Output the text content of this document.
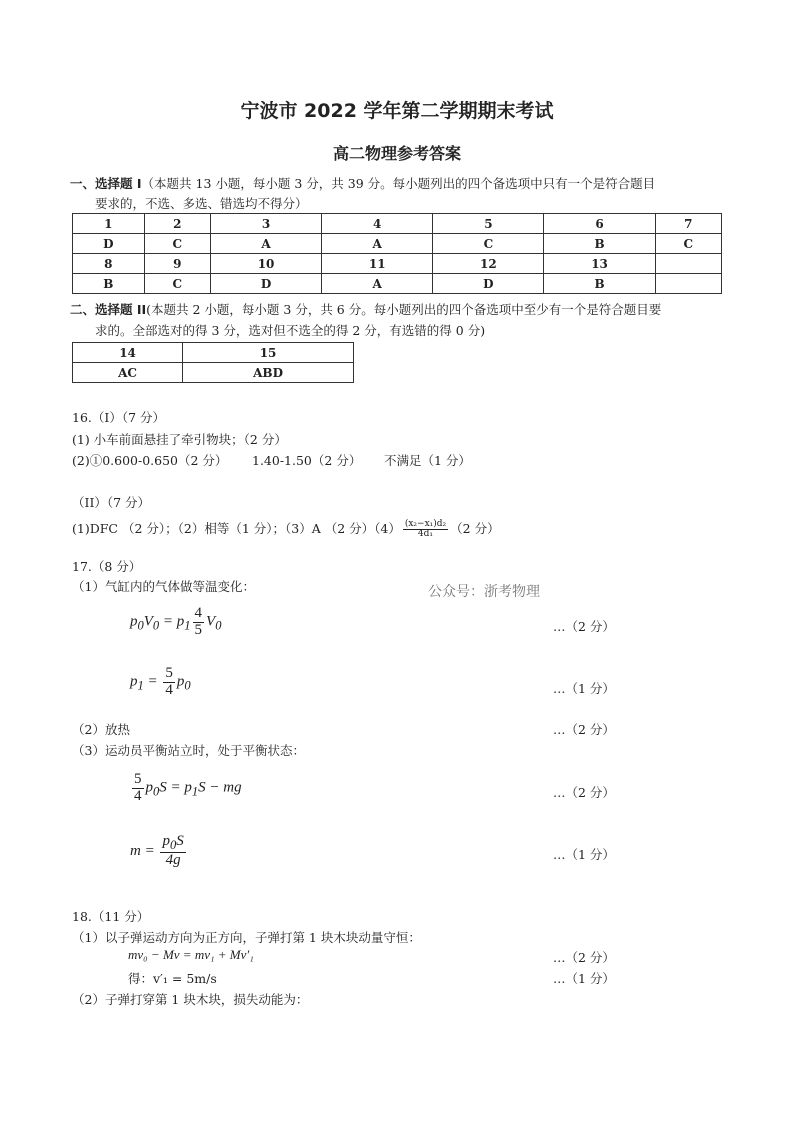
宁波市 2022 学年第二学期期末考试
高二物理参考答案
一、选择题 I（本题共 13 小题，每小题 3 分，共 39 分。每小题列出的四个备选项中只有一个是符合题目
要求的，不选、多选、错选均不得分）
1	2	3	4	5	6	7
D	C	A	A	C	B	C
8	9	10	11	12	13	
B	C	D	A	D	B	
二、选择题 II(本题共 2 小题，每小题 3 分，共 6 分。每小题列出的四个备选项中至少有一个是符合题目要
求的。全部选对的得 3 分，选对但不选全的得 2 分，有选错的得 0 分)
14	15
AC	ABD
16.（I）（7 分）
(1) 小车前面悬挂了牵引物块；（2 分）
(2)①0.600-0.650（2 分） 1.40-1.50（2 分） 不满足（1 分）
（II）（7 分）
(1)DFC （2 分）；（2）相等（1 分）；（3）A （2 分）$(4) \frac{\text{(x₂−x₁)d₂}}{\text{4d₁}} (2$ 分）
17.（8 分）
（1）气缸内的气体做等温变化：	公众号：浙考物理
$p_0V_0 = p_1 \frac{4}{5} V_0$	…（2 分）
$p_1 = \frac{5}{4} p_0$	…（1 分）
（2）放热	…（2 分）
（3）运动员平衡站立时，处于平衡状态：
$\frac{5}{4} p_0S = p_1S$ − mg	…（2 分）
$m = \frac{p_0S}{4g}$	…（1 分）
18.（11 分）
（1）以子弹运动方向为正方向，子弹打第 1 块木块动量守恒：
mv₀ − Mv = mv₁ + Mv′₁	…（2 分）
得：v′₁ = 5m/s	…（1 分）
（2）子弹打穿第 1 块木块，损失动能为：
